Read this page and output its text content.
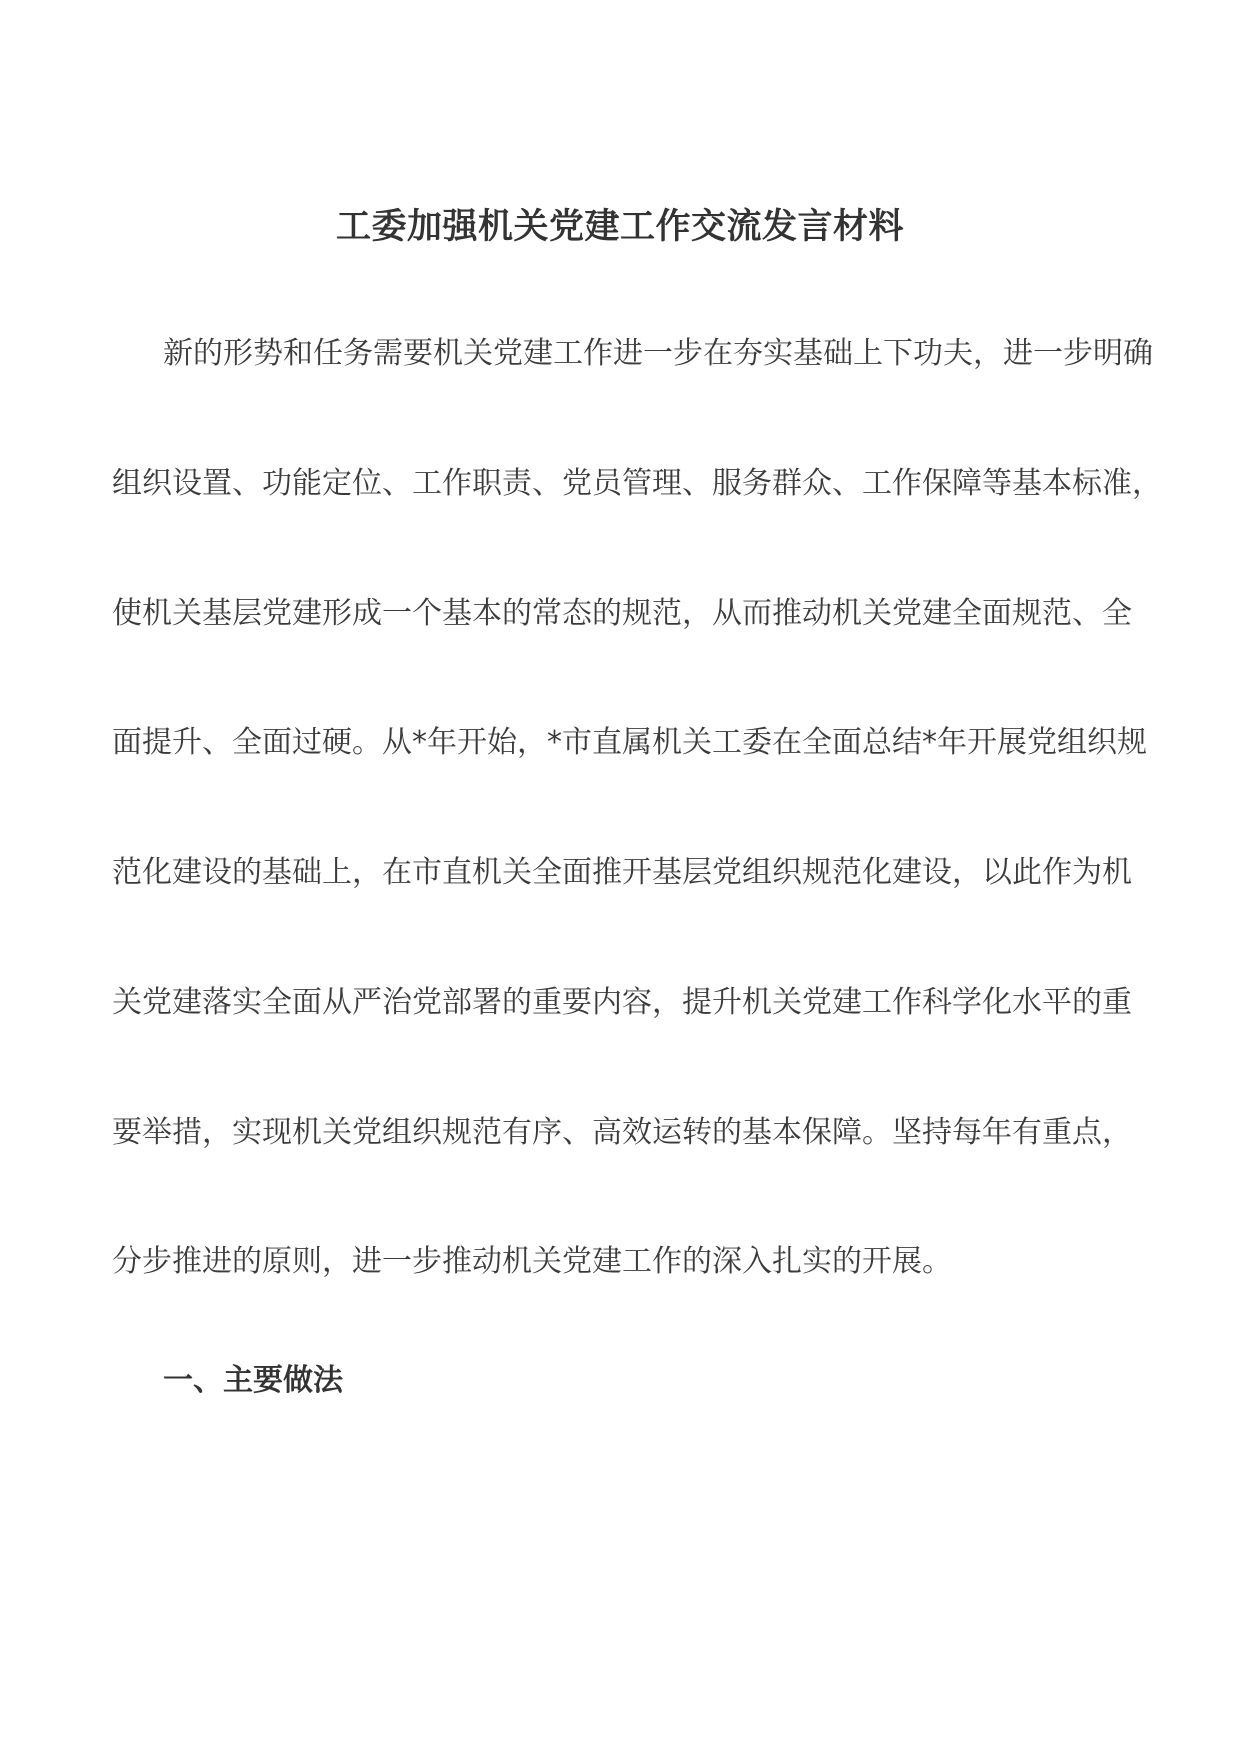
工委加强机关党建工作交流发言材料

新的形势和任务需要机关党建工作进一步在夯实基础上下功夫，进一步明确

组织设置、功能定位、工作职责、党员管理、服务群众、工作保障等基本标准，

使机关基层党建形成一个基本的常态的规范，从而推动机关党建全面规范、全

面提升、全面过硬。从*年开始，*市直属机关工委在全面总结*年开展党组织规

范化建设的基础上，在市直机关全面推开基层党组织规范化建设，以此作为机

关党建落实全面从严治党部署的重要内容，提升机关党建工作科学化水平的重

要举措，实现机关党组织规范有序、高效运转的基本保障。坚持每年有重点，

分步推进的原则，进一步推动机关党建工作的深入扎实的开展。

一、主要做法
